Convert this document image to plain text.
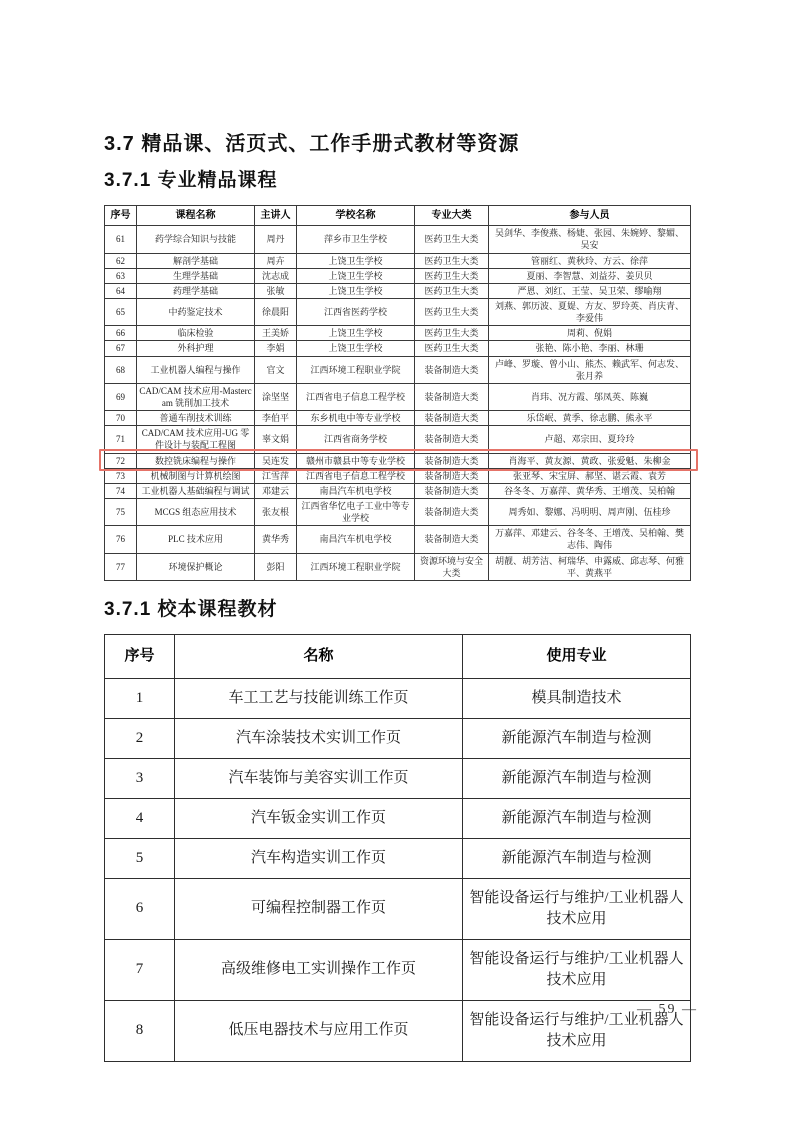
3.7 精品课、活页式、工作手册式教材等资源
3.7.1 专业精品课程
序号	课程名称	主讲人	学校名称	专业大类	参与人员
61	药学综合知识与技能	周丹	萍乡市卫生学校	医药卫生大类	吴剑华、李俊燕、杨婕、张园、朱婉婷、黎媚、吴安
62	解剖学基础	周卉	上饶卫生学校	医药卫生大类	管丽红、黄秋玲、方云、徐萍
63	生理学基础	沈志成	上饶卫生学校	医药卫生大类	夏丽、李智慧、刘益芬、姜贝贝
64	药理学基础	张敏	上饶卫生学校	医药卫生大类	严恩、刘红、王莹、吴卫荣、缪喻翔
65	中药鉴定技术	徐晨阳	江西省医药学校	医药卫生大类	刘燕、郭历波、夏媞、方友、罗玲英、肖庆青、李爱伟
66	临床检验	王美娇	上饶卫生学校	医药卫生大类	周莉、倪娟
67	外科护理	李娟	上饶卫生学校	医药卫生大类	张艳、陈小艳、李丽、林珊
68	工业机器人编程与操作	官文	江西环境工程职业学院	装备制造大类	卢峰、罗璇、曾小山、熊杰、赖武军、何志发、张月养
69	CAD/CAM 技术应用-Mastercam 铣削加工技术	涂坚坚	江西省电子信息工程学校	装备制造大类	肖玮、况方霞、邬凤英、陈巍
70	普通车削技术训练	李伯平	东乡机电中等专业学校	装备制造大类	乐岱岷、黄季、徐志鹏、熊永平
71	CAD/CAM 技术应用-UG 零件设计与装配工程图	辜文娟	江西省商务学校	装备制造大类	卢超、邓宗田、夏玲玲
72	数控铣床编程与操作	吴连发	赣州市赣县中等专业学校	装备制造大类	肖海平、黄友源、黄政、张爱魁、朱柳金
73	机械制图与计算机绘图	江雪萍	江西省电子信息工程学校	装备制造大类	张亚琴、宋宝屏、郝坚、谌云霞、袁芳
74	工业机器人基础编程与调试	邓建云	南昌汽车机电学校	装备制造大类	谷冬冬、万嘉萍、黄华秀、王增茂、吴柏翰
75	MCGS 组态应用技术	张友根	江西省华忆电子工业中等专业学校	装备制造大类	周秀如、黎娜、冯明明、周声刚、伍桂珍
76	PLC 技术应用	黄华秀	南昌汽车机电学校	装备制造大类	万嘉萍、邓建云、谷冬冬、王增茂、吴柏翰、樊志伟、陶伟
77	环境保护概论	彭阳	江西环境工程职业学院	资源环境与安全大类	胡靓、胡芳洁、柯瑞华、申露威、邱志琴、何雅平、黄燕平
3.7.1 校本课程教材
序号	名称	使用专业
1	车工工艺与技能训练工作页	模具制造技术
2	汽车涂装技术实训工作页	新能源汽车制造与检测
3	汽车装饰与美容实训工作页	新能源汽车制造与检测
4	汽车钣金实训工作页	新能源汽车制造与检测
5	汽车构造实训工作页	新能源汽车制造与检测
6	可编程控制器工作页	智能设备运行与维护/工业机器人技术应用
7	高级维修电工实训操作工作页	智能设备运行与维护/工业机器人技术应用
8	低压电器技术与应用工作页	智能设备运行与维护/工业机器人技术应用
— 59 —
